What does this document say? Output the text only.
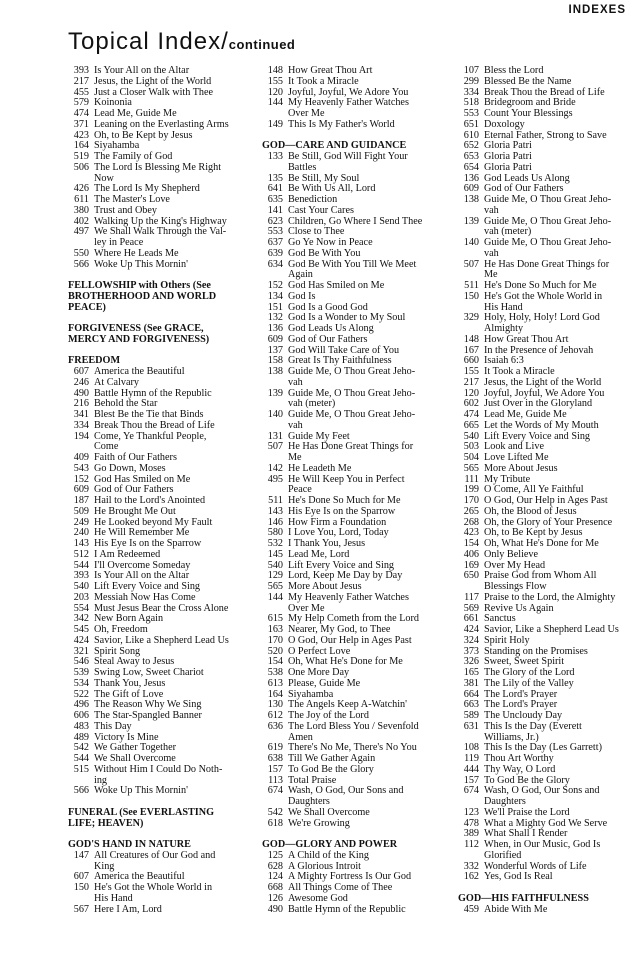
INDEXES
Topical Index/continued
393 Is Your All on the Altar
217 Jesus, the Light of the World
455 Just a Closer Walk with Thee
579 Koinonia
474 Lead Me, Guide Me
371 Leaning on the Everlasting Arms
423 Oh, to Be Kept by Jesus
164 Siyahamba
519 The Family of God
506 The Lord Is Blessing Me Right
Now
426 The Lord Is My Shepherd
611 The Master's Love
380 Trust and Obey
402 Walking Up the King's Highway
497 We Shall Walk Through the Val-
ley in Peace
550 Where He Leads Me
566 Woke Up This Mornin'
FELLOWSHIP with Others (See
BROTHERHOOD AND WORLD
PEACE)
FORGIVENESS (See GRACE,
MERCY AND FORGIVENESS)
FREEDOM
607 America the Beautiful
246 At Calvary
490 Battle Hymn of the Republic
216 Behold the Star
341 Blest Be the Tie that Binds
334 Break Thou the Bread of Life
194 Come, Ye Thankful People,
Come
409 Faith of Our Fathers
543 Go Down, Moses
152 God Has Smiled on Me
609 God of Our Fathers
187 Hail to the Lord's Anointed
509 He Brought Me Out
249 He Looked beyond My Fault
240 He Will Remember Me
143 His Eye Is on the Sparrow
512 I Am Redeemed
544 I'll Overcome Someday
393 Is Your All on the Altar
540 Lift Every Voice and Sing
203 Messiah Now Has Come
554 Must Jesus Bear the Cross Alone
342 New Born Again
545 Oh, Freedom
424 Savior, Like a Shepherd Lead Us
321 Spirit Song
546 Steal Away to Jesus
539 Swing Low, Sweet Chariot
534 Thank You, Jesus
522 The Gift of Love
496 The Reason Why We Sing
606 The Star-Spangled Banner
483 This Day
489 Victory Is Mine
542 We Gather Together
544 We Shall Overcome
515 Without Him I Could Do Noth-
ing
566 Woke Up This Mornin'
FUNERAL (See EVERLASTING
LIFE; HEAVEN)
GOD'S HAND IN NATURE
147 All Creatures of Our God and
King
607 America the Beautiful
150 He's Got the Whole World in
His Hand
567 Here I Am, Lord
148 How Great Thou Art
155 It Took a Miracle
120 Joyful, Joyful, We Adore You
144 My Heavenly Father Watches
Over Me
149 This Is My Father's World
GOD—CARE AND GUIDANCE
133 Be Still, God Will Fight Your
Battles
135 Be Still, My Soul
641 Be With Us All, Lord
635 Benediction
141 Cast Your Cares
623 Children, Go Where I Send Thee
553 Close to Thee
637 Go Ye Now in Peace
639 God Be With You
634 God Be With You Till We Meet
Again
152 God Has Smiled on Me
134 God Is
151 God Is a Good God
132 God Is a Wonder to My Soul
136 God Leads Us Along
609 God of Our Fathers
137 God Will Take Care of You
158 Great Is Thy Faithfulness
138 Guide Me, O Thou Great Jeho-
vah
139 Guide Me, O Thou Great Jeho-
vah (meter)
140 Guide Me, O Thou Great Jeho-
vah
131 Guide My Feet
507 He Has Done Great Things for
Me
142 He Leadeth Me
495 He Will Keep You in Perfect
Peace
511 He's Done So Much for Me
143 His Eye Is on the Sparrow
146 How Firm a Foundation
580 I Love You, Lord, Today
532 I Thank You, Jesus
145 Lead Me, Lord
540 Lift Every Voice and Sing
129 Lord, Keep Me Day by Day
565 More About Jesus
144 My Heavenly Father Watches
Over Me
615 My Help Cometh from the Lord
163 Nearer, My God, to Thee
170 O God, Our Help in Ages Past
520 O Perfect Love
154 Oh, What He's Done for Me
538 One More Day
613 Please, Guide Me
164 Siyahamba
130 The Angels Keep A-Watchin'
612 The Joy of the Lord
636 The Lord Bless You / Sevenfold
Amen
619 There's No Me, There's No You
638 Till We Gather Again
157 To God Be the Glory
113 Total Praise
674 Wash, O God, Our Sons and
Daughters
542 We Shall Overcome
618 We're Growing
GOD—GLORY AND POWER
125 A Child of the King
628 A Glorious Introit
124 A Mighty Fortress Is Our God
668 All Things Come of Thee
126 Awesome God
490 Battle Hymn of the Republic
107 Bless the Lord
299 Blessed Be the Name
334 Break Thou the Bread of Life
518 Bridegroom and Bride
553 Count Your Blessings
651 Doxology
610 Eternal Father, Strong to Save
652 Gloria Patri
653 Gloria Patri
654 Gloria Patri
136 God Leads Us Along
609 God of Our Fathers
138 Guide Me, O Thou Great Jeho-
vah
139 Guide Me, O Thou Great Jeho-
vah (meter)
140 Guide Me, O Thou Great Jeho-
vah
507 He Has Done Great Things for
Me
511 He's Done So Much for Me
150 He's Got the Whole World in
His Hand
329 Holy, Holy, Holy! Lord God
Almighty
148 How Great Thou Art
167 In the Presence of Jehovah
660 Isaiah 6:3
155 It Took a Miracle
217 Jesus, the Light of the World
120 Joyful, Joyful, We Adore You
602 Just Over in the Gloryland
474 Lead Me, Guide Me
665 Let the Words of My Mouth
540 Lift Every Voice and Sing
503 Look and Live
504 Love Lifted Me
565 More About Jesus
111 My Tribute
199 O Come, All Ye Faithful
170 O God, Our Help in Ages Past
265 Oh, the Blood of Jesus
268 Oh, the Glory of Your Presence
423 Oh, to Be Kept by Jesus
154 Oh, What He's Done for Me
406 Only Believe
169 Over My Head
650 Praise God from Whom All
Blessings Flow
117 Praise to the Lord, the Almighty
569 Revive Us Again
661 Sanctus
424 Savior, Like a Shepherd Lead Us
324 Spirit Holy
373 Standing on the Promises
326 Sweet, Sweet Spirit
165 The Glory of the Lord
381 The Lily of the Valley
664 The Lord's Prayer
663 The Lord's Prayer
589 The Uncloudy Day
631 This Is the Day (Everett
Williams, Jr.)
108 This Is the Day (Les Garrett)
119 Thou Art Worthy
444 Thy Way, O Lord
157 To God Be the Glory
674 Wash, O God, Our Sons and
Daughters
123 We'll Praise the Lord
478 What a Mighty God We Serve
389 What Shall I Render
112 When, in Our Music, God Is
Glorified
332 Wonderful Words of Life
162 Yes, God Is Real
GOD—HIS FAITHFULNESS
459 Abide With Me
